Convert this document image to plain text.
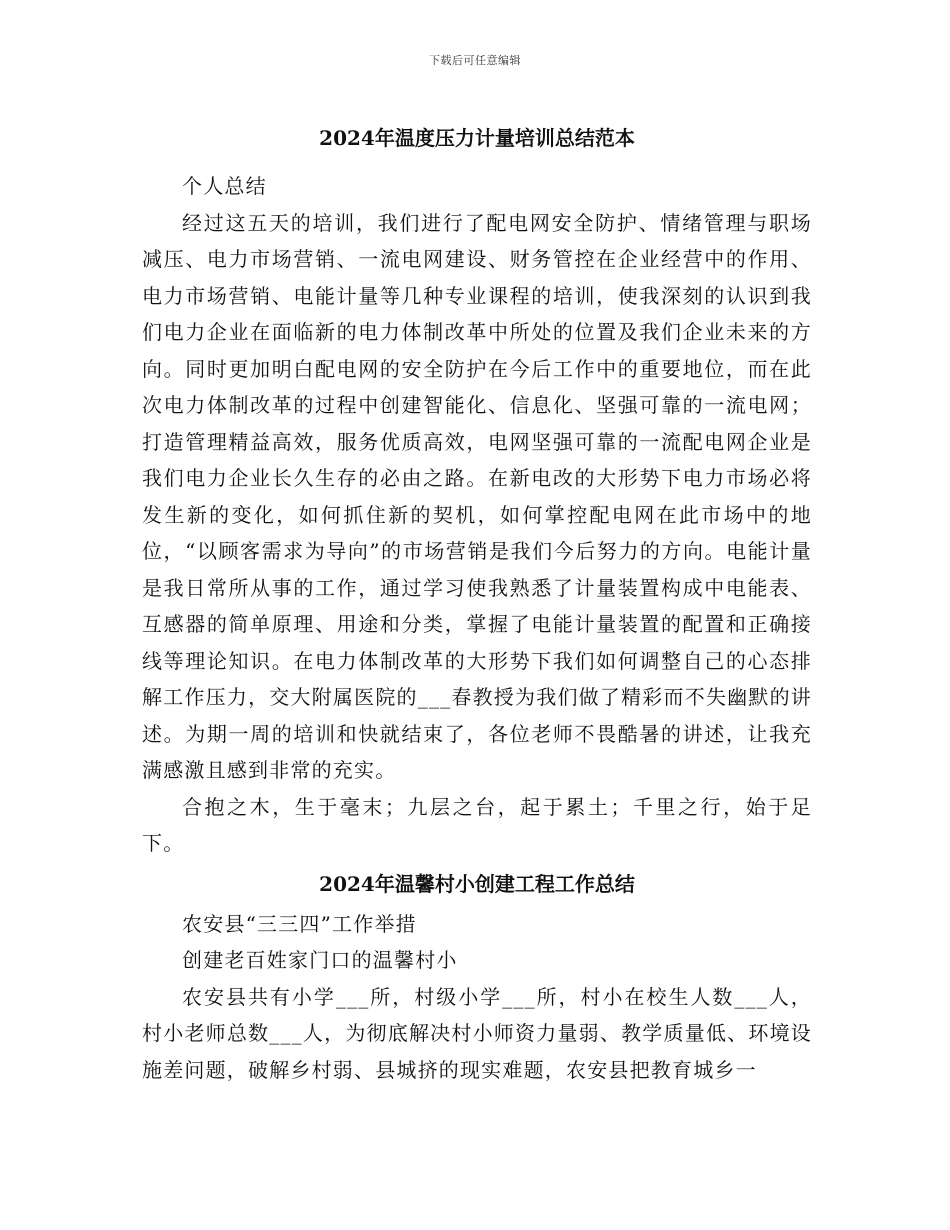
下载后可任意编辑
2024年温度压力计量培训总结范本

个人总结

经过这五天的培训，我们进行了配电网安全防护、情绪管理与职场减压、电力市场营销、一流电网建设、财务管控在企业经营中的作用、电力市场营销、电能计量等几种专业课程的培训，使我深刻的认识到我们电力企业在面临新的电力体制改革中所处的位置及我们企业未来的方向。同时更加明白配电网的安全防护在今后工作中的重要地位，而在此次电力体制改革的过程中创建智能化、信息化、坚强可靠的一流电网；打造管理精益高效，服务优质高效，电网坚强可靠的一流配电网企业是我们电力企业长久生存的必由之路。在新电改的大形势下电力市场必将发生新的变化，如何抓住新的契机，如何掌控配电网在此市场中的地位，“以顾客需求为导向”的市场营销是我们今后努力的方向。电能计量是我日常所从事的工作，通过学习使我熟悉了计量装置构成中电能表、互感器的简单原理、用途和分类，掌握了电能计量装置的配置和正确接线等理论知识。在电力体制改革的大形势下我们如何调整自己的心态排解工作压力，交大附属医院的___春教授为我们做了精彩而不失幽默的讲述。为期一周的培训和快就结束了，各位老师不畏酷暑的讲述，让我充满感激且感到非常的充实。

合抱之木，生于毫末；九层之台，起于累土；千里之行，始于足下。

2024年温馨村小创建工程工作总结

农安县“三三四”工作举措

创建老百姓家门口的温馨村小

农安县共有小学___所，村级小学___所，村小在校生人数___人，村小老师总数___人，为彻底解决村小师资力量弱、教学质量低、环境设施差问题，破解乡村弱、县城挤的现实难题，农安县把教育城乡一
